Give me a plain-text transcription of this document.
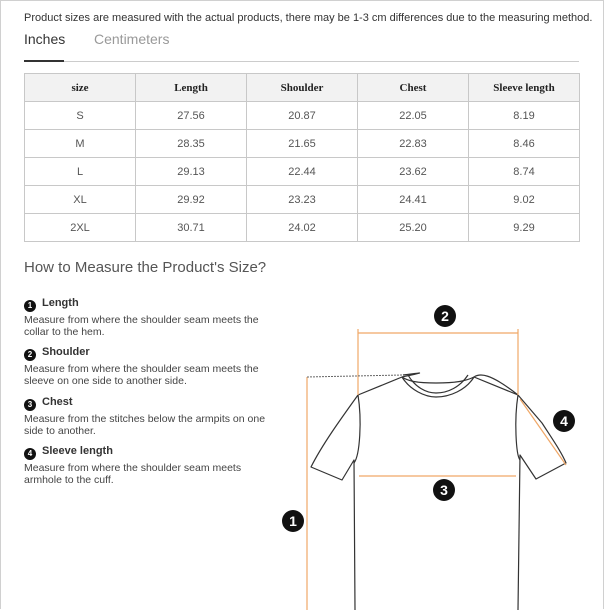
Product sizes are measured with the actual products, there may be 1-3 cm differences due to the measuring method.
Inches Centimeters
size	Length	Shoulder	Chest	Sleeve length
S	27.56	20.87	22.05	8.19
M	28.35	21.65	22.83	8.46
L	29.13	22.44	23.62	8.74
XL	29.92	23.23	24.41	9.02
2XL	30.71	24.02	25.20	9.29
How to Measure the Product's Size?
1 Length
Measure from where the shoulder seam meets the collar to the hem.
2 Shoulder
Measure from where the shoulder seam meets the sleeve on one side to another side.
3 Chest
Measure from the stitches below the armpits on one side to another.
4 Sleeve length
Measure from where the shoulder seam meets armhole to the cuff.
1
2
3
4
